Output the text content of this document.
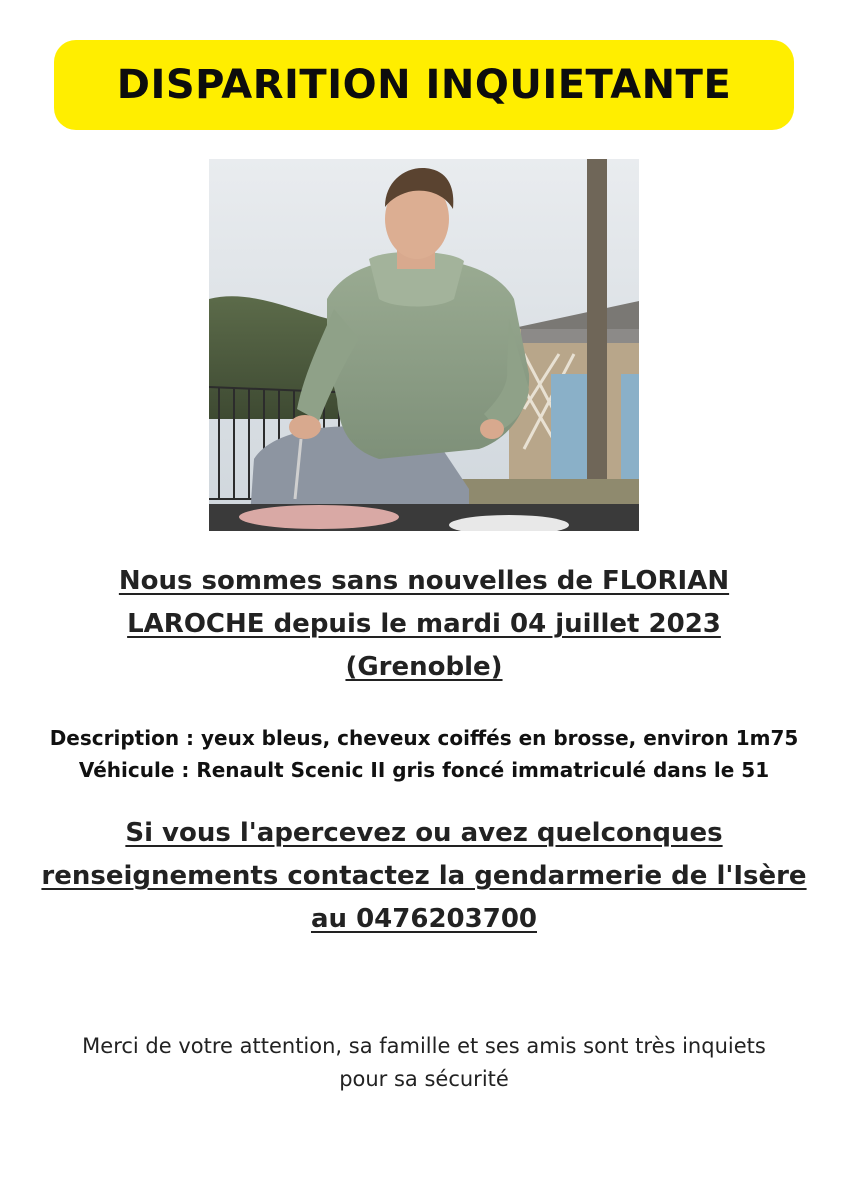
DISPARITION INQUIETANTE
Nous sommes sans nouvelles de FLORIAN
LAROCHE depuis le mardi 04 juillet 2023
(Grenoble)
Description : yeux bleus, cheveux coiffés en brosse, environ 1m75
Véhicule : Renault Scenic II gris foncé immatriculé dans le 51
Si vous l'apercevez ou avez quelconques
renseignements contactez la gendarmerie de l'Isère
au 0476203700
Merci de votre attention, sa famille et ses amis sont très inquiets
pour sa sécurité
